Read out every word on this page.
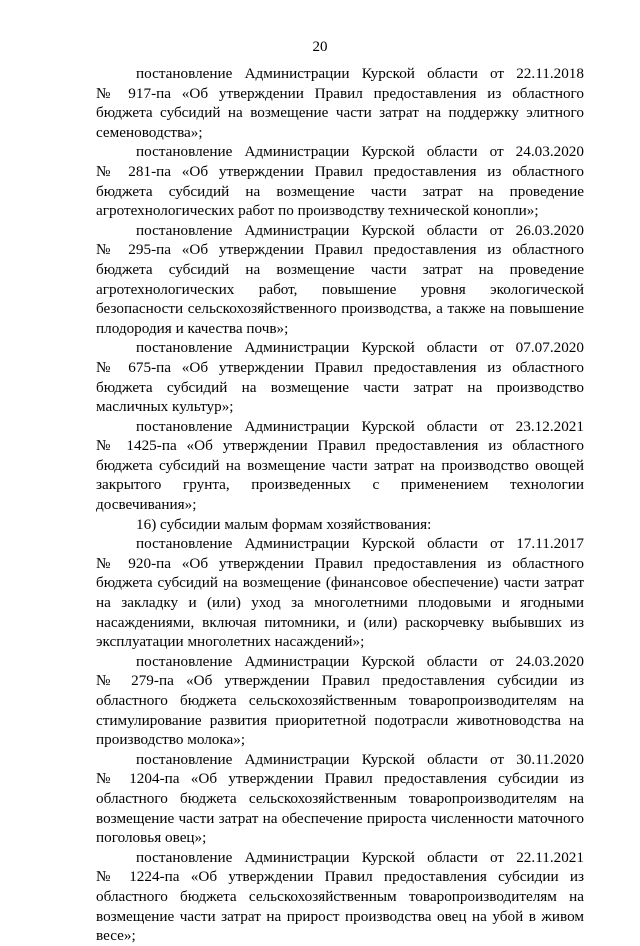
20

постановление Администрации Курской области от 22.11.2018
№ 917-па «Об утверждении Правил предоставления из областного
бюджета субсидий на возмещение части затрат на поддержку элитного
семеноводства»;

постановление Администрации Курской области от 24.03.2020
№ 281-па «Об утверждении Правил предоставления из областного
бюджета субсидий на возмещение части затрат на проведение
агротехнологических работ по производству технической конопли»;

постановление Администрации Курской области от 26.03.2020
№ 295-па «Об утверждении Правил предоставления из областного
бюджета субсидий на возмещение части затрат на проведение
агротехнологических работ, повышение уровня экологической
безопасности сельскохозяйственного производства, а также на повышение
плодородия и качества почв»;

постановление Администрации Курской области от 07.07.2020
№ 675-па «Об утверждении Правил предоставления из областного
бюджета субсидий на возмещение части затрат на производство
масличных культур»;

постановление Администрации Курской области от 23.12.2021
№ 1425-па «Об утверждении Правил предоставления из областного
бюджета субсидий на возмещение части затрат на производство овощей
закрытого грунта, произведенных с применением технологии
досвечивания»;

16) субсидии малым формам хозяйствования:

постановление Администрации Курской области от 17.11.2017
№ 920-па «Об утверждении Правил предоставления из областного
бюджета субсидий на возмещение (финансовое обеспечение) части затрат
на закладку и (или) уход за многолетними плодовыми и ягодными
насаждениями, включая питомники, и (или) раскорчевку выбывших из
эксплуатации многолетних насаждений»;

постановление Администрации Курской области от 24.03.2020
№ 279-па «Об утверждении Правил предоставления субсидии из
областного бюджета сельскохозяйственным товаропроизводителям на
стимулирование развития приоритетной подотрасли животноводства на
производство молока»;

постановление Администрации Курской области от 30.11.2020
№ 1204-па «Об утверждении Правил предоставления субсидии из
областного бюджета сельскохозяйственным товаропроизводителям на
возмещение части затрат на обеспечение прироста численности маточного
поголовья овец»;

постановление Администрации Курской области от 22.11.2021
№ 1224-па «Об утверждении Правил предоставления субсидии из
областного бюджета сельскохозяйственным товаропроизводителям на
возмещение части затрат на прирост производства овец на убой в живом
весе»;
